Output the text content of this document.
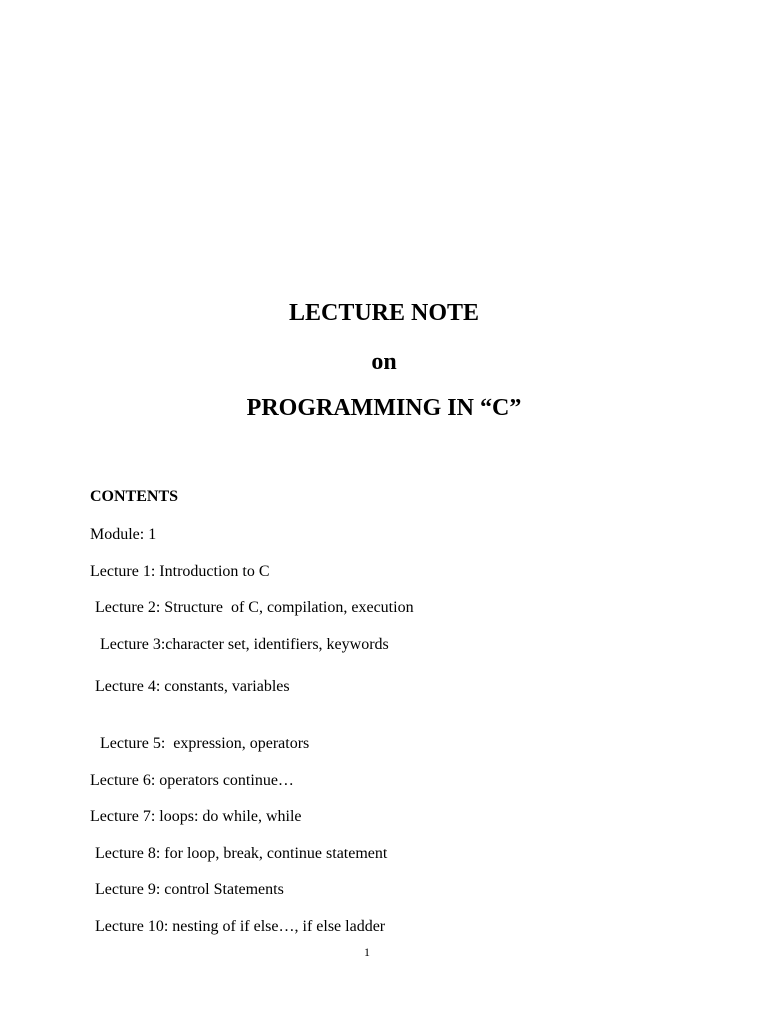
LECTURE NOTE
on
PROGRAMMING IN “C”
CONTENTS
Module: 1
Lecture 1: Introduction to C
Lecture 2: Structure  of C, compilation, execution
Lecture 3:character set, identifiers, keywords
Lecture 4: constants, variables
Lecture 5:  expression, operators
Lecture 6: operators continue…
Lecture 7: loops: do while, while
Lecture 8: for loop, break, continue statement
Lecture 9: control Statements
Lecture 10: nesting of if else…, if else ladder
1
